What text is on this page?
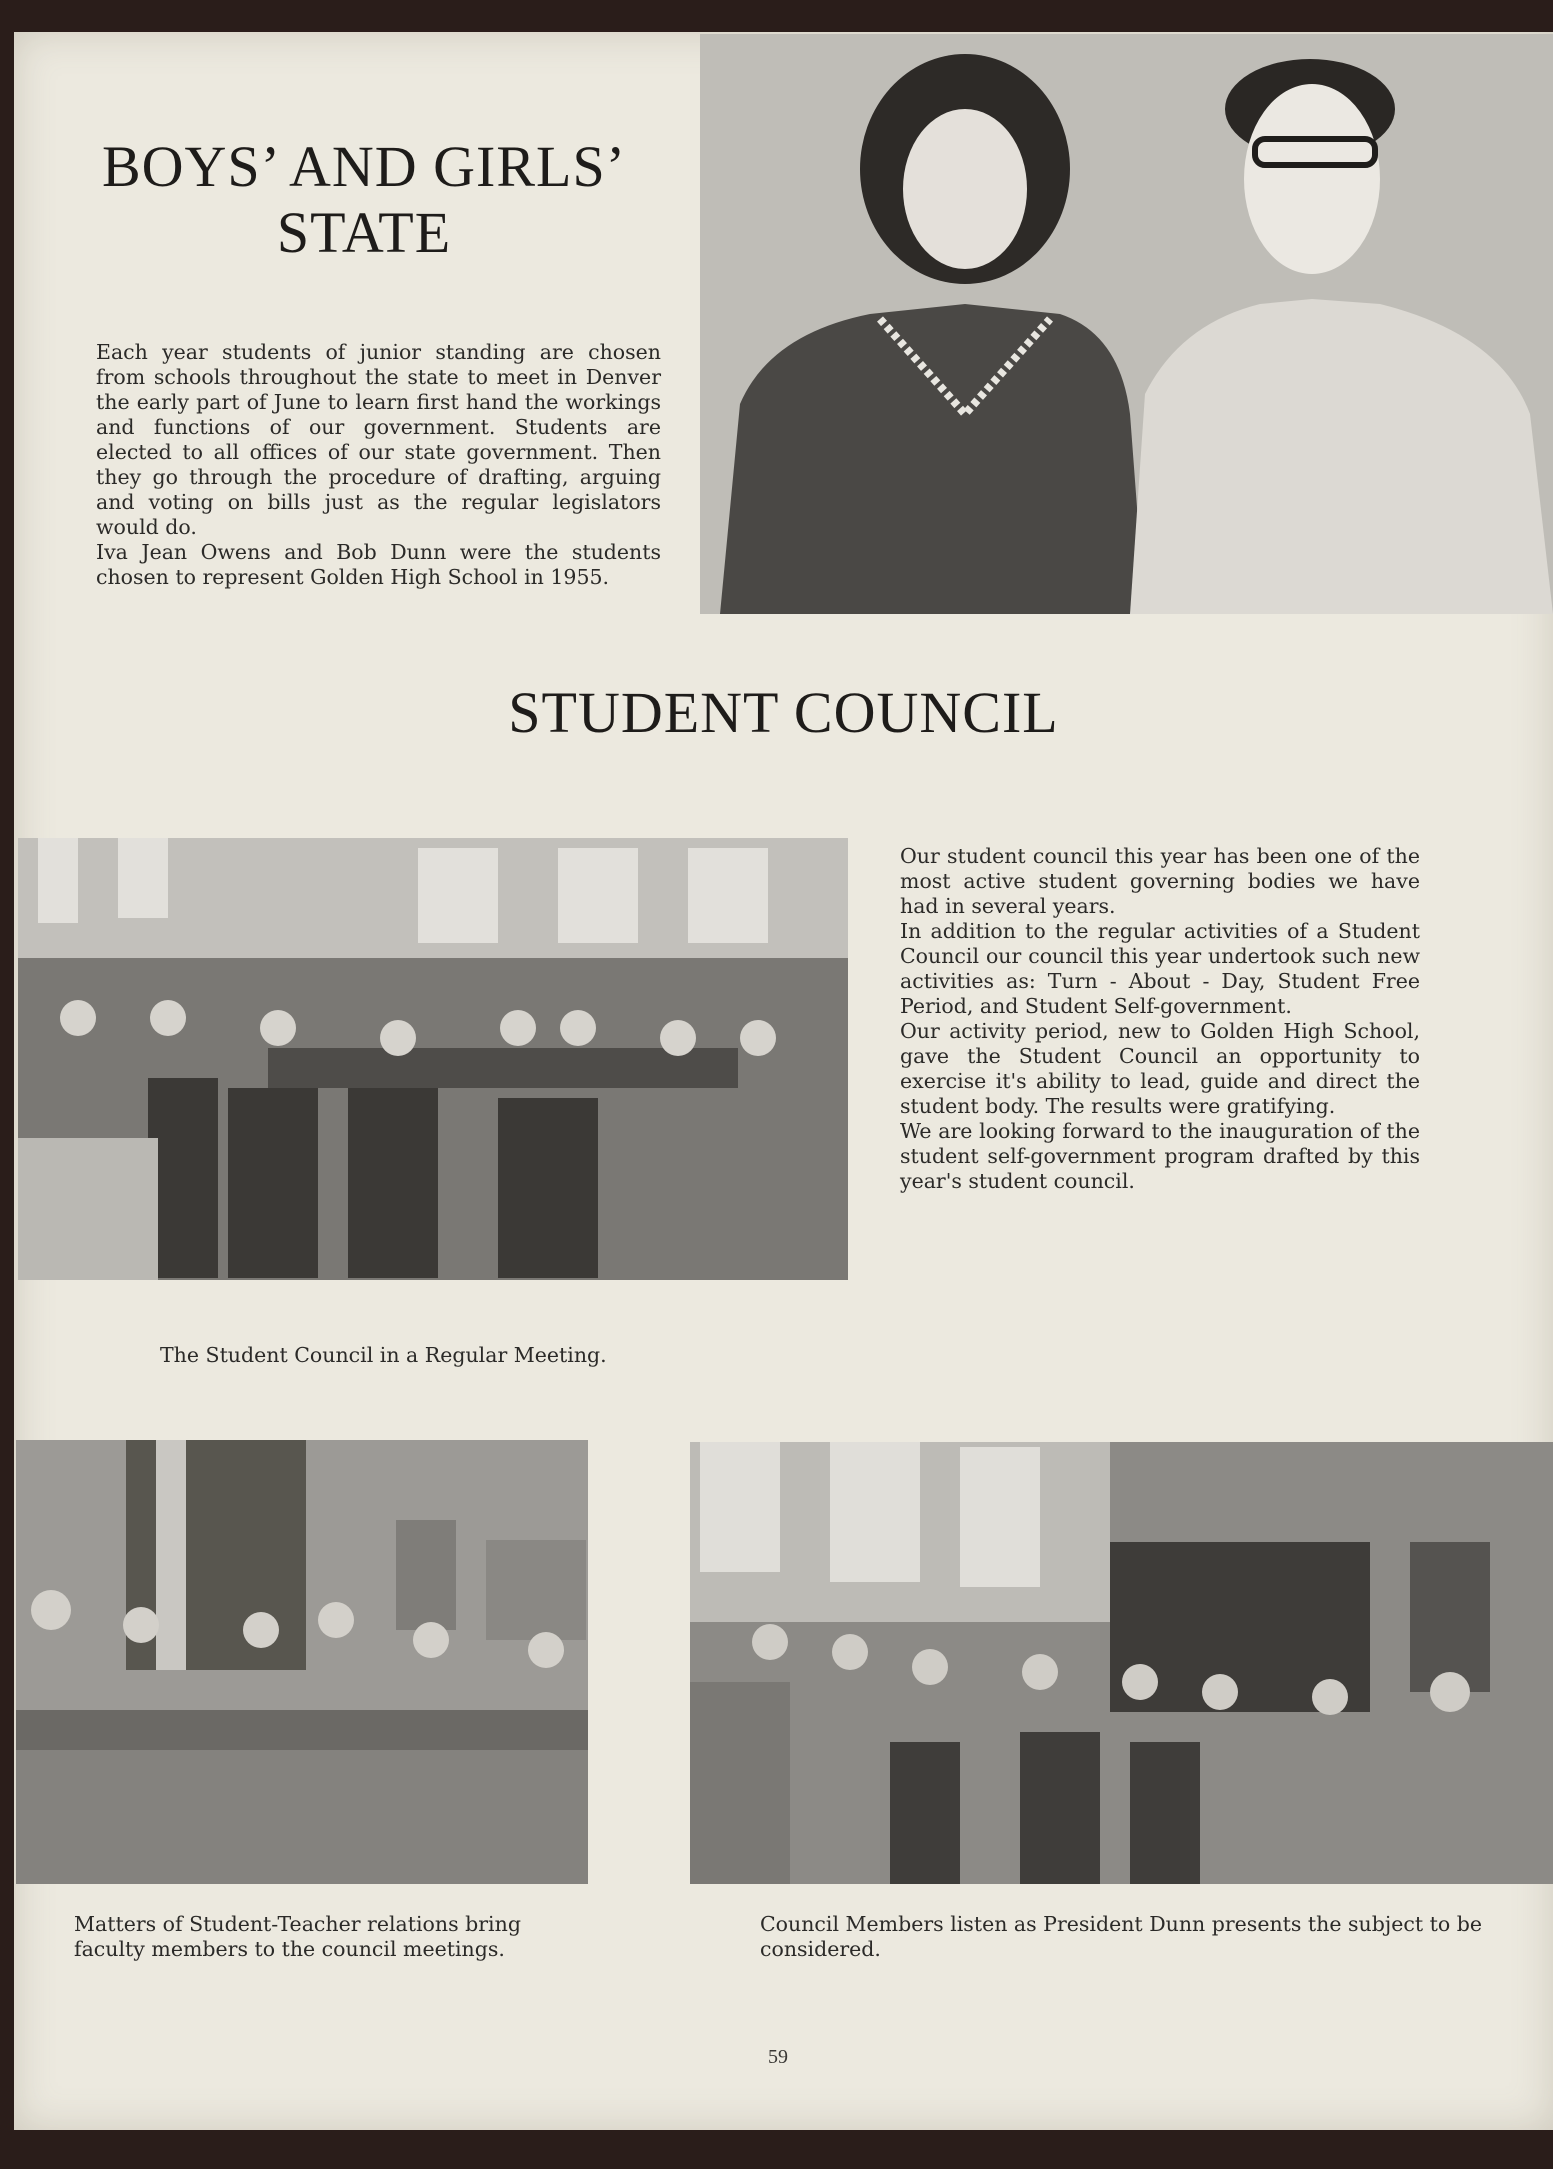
BOYS’ AND GIRLS’
STATE

Each year students of junior standing are chosen from schools throughout the state to meet in Denver the early part of June to learn first hand the workings and functions of our government. Students are elected to all offices of our state government. Then they go through the procedure of drafting, arguing and voting on bills just as the regular legislators would do.

Iva Jean Owens and Bob Dunn were the students chosen to represent Golden High School in 1955.

STUDENT COUNCIL

Our student council this year has been one of the most active student governing bodies we have had in several years.

In addition to the regular activities of a Student Council our council this year undertook such new activities as: Turn - About - Day, Student Free Period, and Student Self-government.

Our activity period, new to Golden High School, gave the Student Council an opportunity to exercise it's ability to lead, guide and direct the student body. The results were gratifying.

We are looking forward to the inauguration of the student self-government program drafted by this year's student council.

The Student Council in a Regular Meeting.
Matters of Student-Teacher relations bring faculty members to the council meetings.
Council Members listen as President Dunn presents the subject to be considered.
59
